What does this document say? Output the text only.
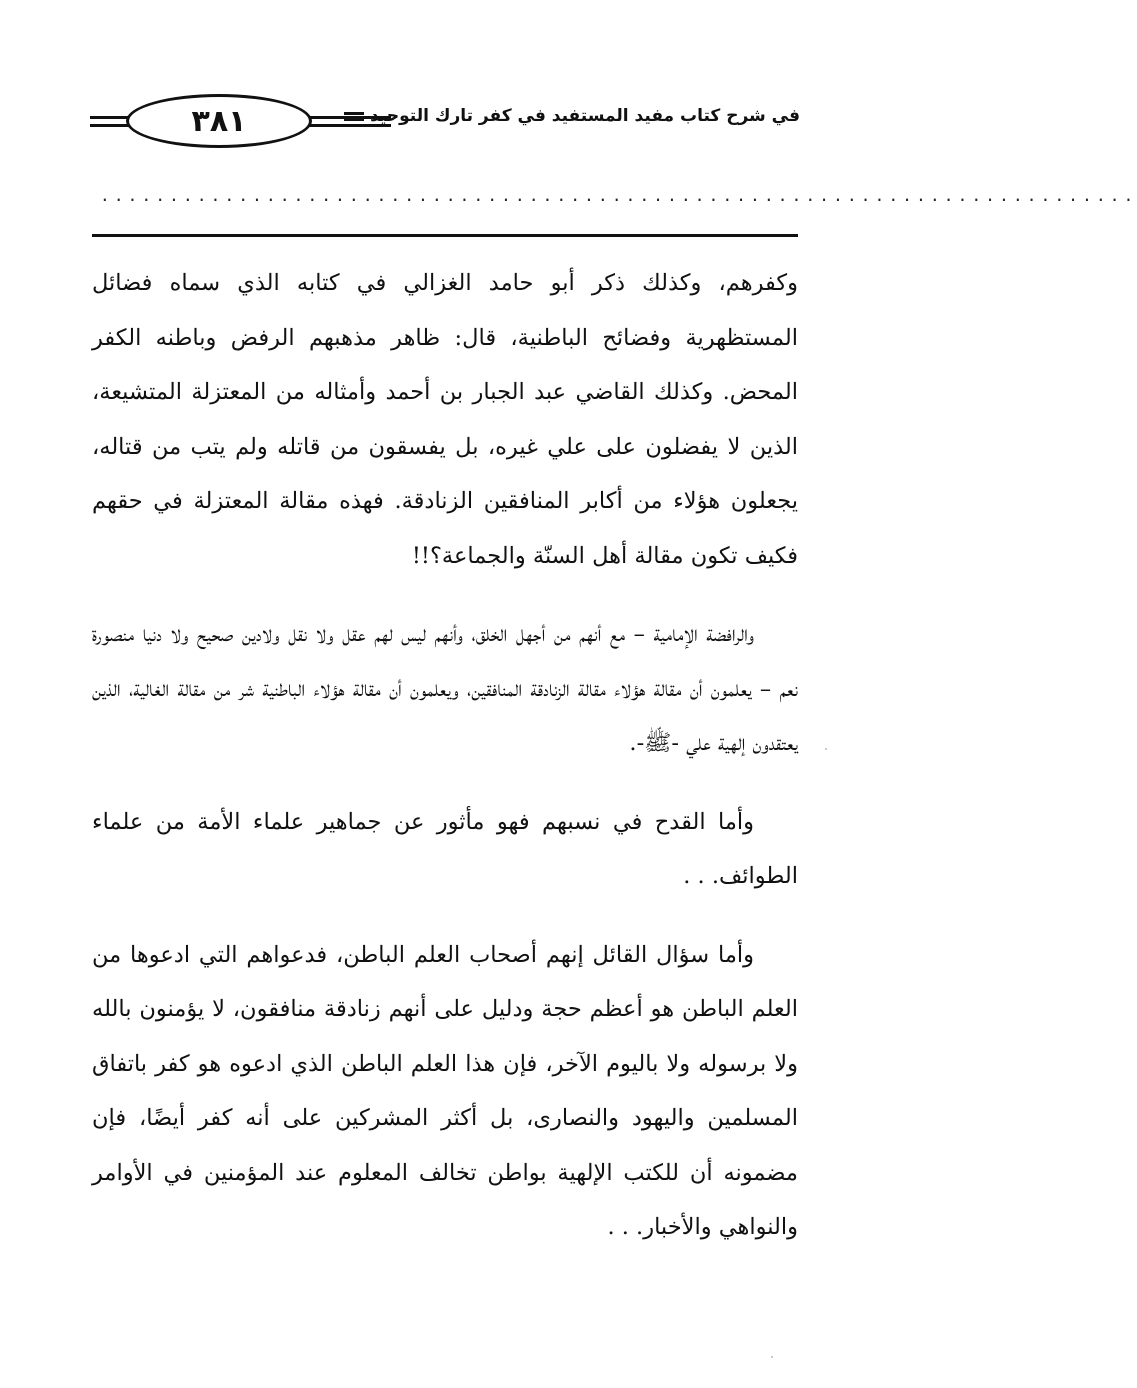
٣٨١	في شرح كتاب مفيد المستفيد في كفر تارك التوحيد
...........................................................................

وكفرهم، وكذلك ذكر أبو حامد الغزالي في كتابه الذي سماه فضائل المستظهرية وفضائح الباطنية، قال: ظاهر مذهبهم الرفض وباطنه الكفر المحض. وكذلك القاضي عبد الجبار بن أحمد وأمثاله من المعتزلة المتشيعة، الذين لا يفضلون على علي غيره، بل يفسقون من قاتله ولم يتب من قتاله، يجعلون هؤلاء من أكابر المنافقين الزنادقة. فهذه مقالة المعتزلة في حقهم فكيف تكون مقالة أهل السنّة والجماعة؟!!

والرافضة الإمامية – مع أنهم من أجهل الخلق، وأنهم ليس لهم عقل ولا نقل ولادين صحيح ولا دنيا منصورة نعم – يعلمون أن مقالة هؤلاء مقالة الزنادقة المنافقين، ويعلمون أن مقالة هؤلاء الباطنية شر من مقالة الغالية، الذين يعتقدون إلهية علي -ﷺ-.

وأما القدح في نسبهم فهو مأثور عن جماهير علماء الأمة من علماء الطوائف. . .

وأما سؤال القائل إنهم أصحاب العلم الباطن، فدعواهم التي ادعوها من العلم الباطن هو أعظم حجة ودليل على أنهم زنادقة منافقون، لا يؤمنون بالله ولا برسوله ولا باليوم الآخر، فإن هذا العلم الباطن الذي ادعوه هو كفر باتفاق المسلمين واليهود والنصارى، بل أكثر المشركين على أنه كفر أيضًا، فإن مضمونه أن للكتب الإلهية بواطن تخالف المعلوم عند المؤمنين في الأوامر والنواهي والأخبار. . .
